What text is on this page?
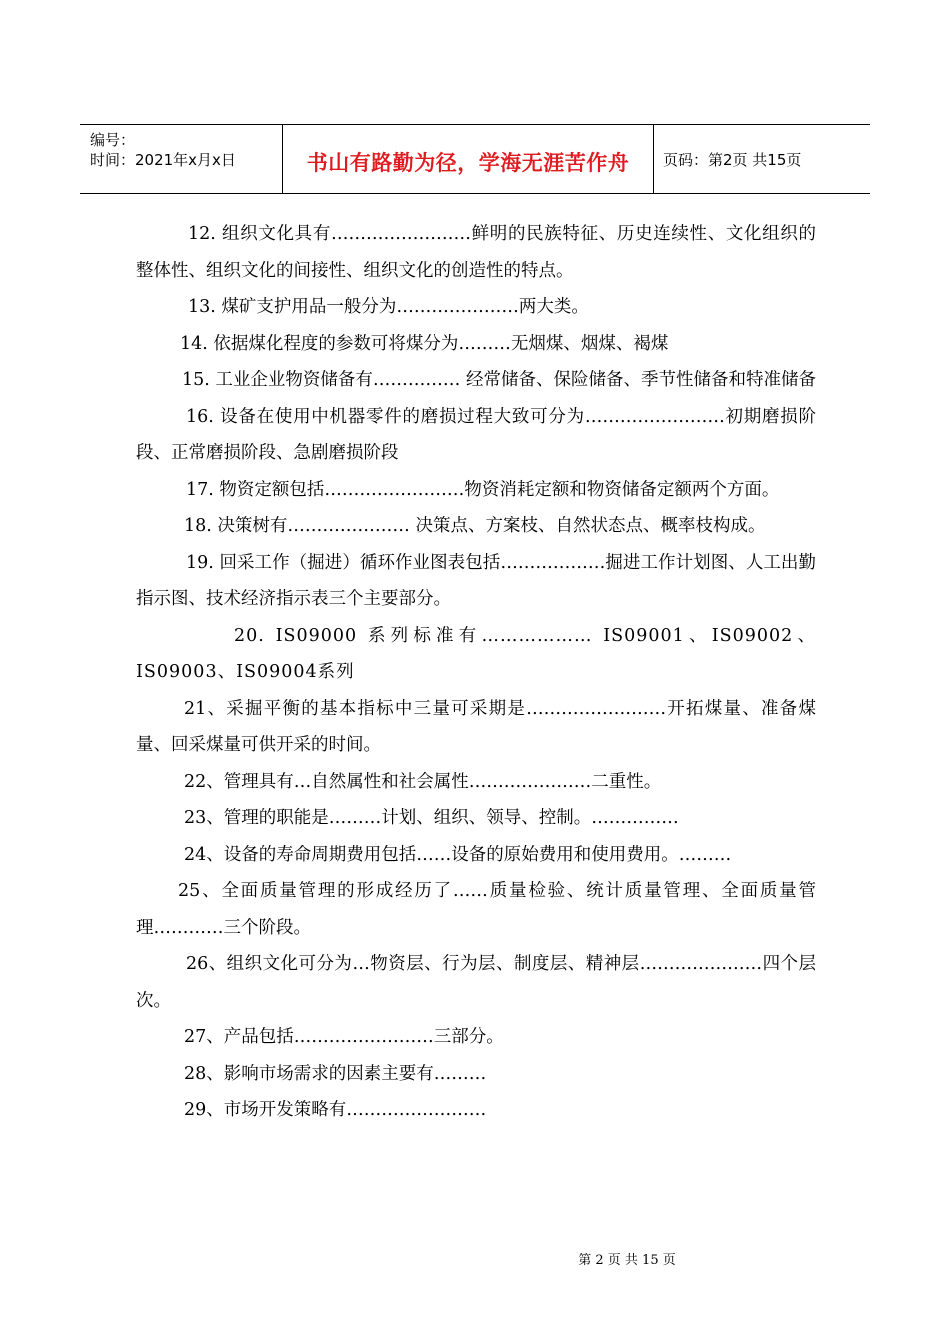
编号：
时间：2021年x月x日	书山有路勤为径，学海无涯苦作舟	页码：第2页 共15页

12. 组织文化具有……………………鲜明的民族特征、历史连续性、文化组织的整体性、组织文化的间接性、组织文化的创造性的特点。

13. 煤矿支护用品一般分为…………………两大类。

14. 依据煤化程度的参数可将煤分为………无烟煤、烟煤、褐煤

15. 工业企业物资储备有…………… 经常储备、保险储备、季节性储备和特准储备

16. 设备在使用中机器零件的磨损过程大致可分为……………………初期磨损阶段、正常磨损阶段、急剧磨损阶段

17. 物资定额包括……………………物资消耗定额和物资储备定额两个方面。

18. 决策树有………………… 决策点、方案枝、自然状态点、概率枝构成。

19. 回采工作（掘进）循环作业图表包括………………掘进工作计划图、人工出勤指示图、技术经济指示表三个主要部分。

20. IS09000 系列标准有……………… IS09001、IS09002、IS09003、IS09004系列

21、采掘平衡的基本指标中三量可采期是……………………开拓煤量、准备煤量、回采煤量可供开采的时间。

22、管理具有…自然属性和社会属性…………………二重性。

23、管理的职能是………计划、组织、领导、控制。……………

24、设备的寿命周期费用包括……设备的原始费用和使用费用。………

25、全面质量管理的形成经历了……质量检验、统计质量管理、全面质量管理…………三个阶段。

26、组织文化可分为…物资层、行为层、制度层、精神层…………………四个层次。

27、产品包括……………………三部分。

28、影响市场需求的因素主要有………

29、市场开发策略有……………………

第 2 页 共 15 页
